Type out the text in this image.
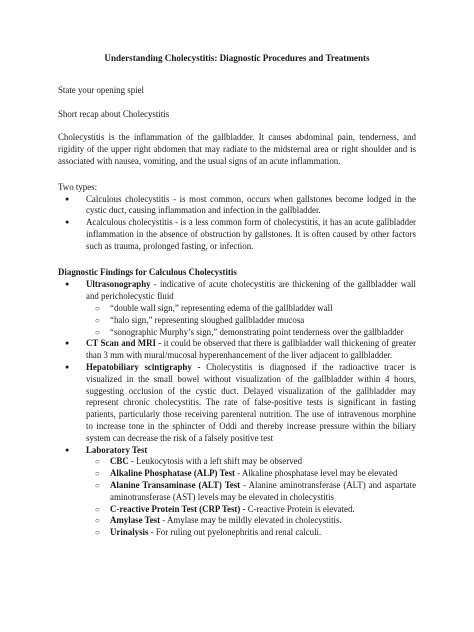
Understanding Cholecystitis: Diagnostic Procedures and Treatments

State your opening spiel

Short recap about Cholecystitis

Cholecystitis is the inflammation of the gallbladder. It causes abdominal pain, tenderness, and rigidity of the upper right abdomen that may radiate to the midsternal area or right shoulder and is associated with nausea, vomiting, and the usual signs of an acute inflammation.

Two types:

● Calculous cholecystitis - is most common, occurs when gallstones become lodged in the cystic duct, causing inflammation and infection in the gallbladder.
● Acalculous cholecystitis - is a less common form of cholecystitis, it has an acute gallbladder inflammation in the absence of obstruction by gallstones. It is often caused by other factors such as trauma, prolonged fasting, or infection.

Diagnostic Findings for Calculous Cholecystitis

● Ultrasonography - indicative of acute cholecystitis are thickening of the gallbladder wall and pericholecystic fluid
○ “double wall sign,” representing edema of the gallbladder wall
○ “halo sign,” representing sloughed gallbladder mucosa
○ “sonographic Murphy’s sign,” demonstrating point tenderness over the gallbladder
● CT Scan and MRI - it could be observed that there is gallbladder wall thickening of greater than 3 mm with mural/mucosal hyperenhancement of the liver adjacent to gallbladder.
● Hepatobiliary scintigraphy - Cholecystitis is diagnosed if the radioactive tracer is visualized in the small bowel without visualization of the gallbladder within 4 hours, suggesting occlusion of the cystic duct. Delayed visualization of the gallbladder may represent chronic cholecystitis. The rate of false-positive tests is significant in fasting patients, particularly those receiving parenteral nutrition. The use of intravenous morphine to increase tone in the sphincter of Oddi and thereby increase pressure within the biliary system can decrease the risk of a falsely positive test
● Laboratory Test
○ CBC - Leukocytosis with a left shift may be observed
○ Alkaline Phosphatase (ALP) Test - Alkaline phosphatase level may be elevated
○ Alanine Transaminase (ALT) Test - Alanine aminotransferase (ALT) and aspartate aminotransferase (AST) levels may be elevated in cholecystitis
○ C-reactive Protein Test (CRP Test) - C-reactive Protein is elevated.
○ Amylase Test - Amylase may be mildly elevated in cholecystitis.
○ Urinalysis - For ruling out pyelonephritis and renal calculi.
